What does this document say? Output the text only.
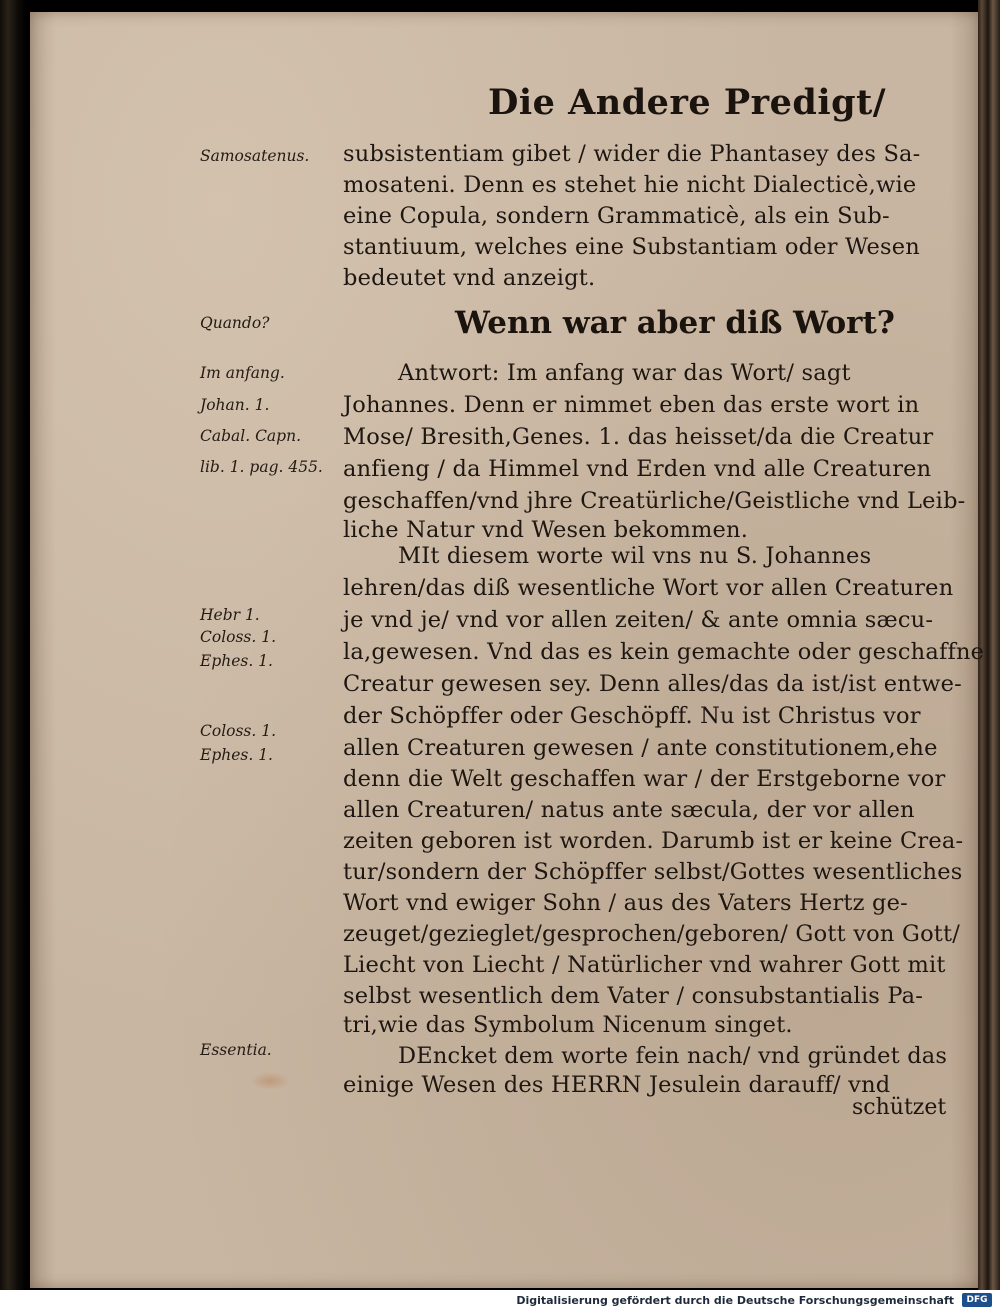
Die Andere Predigt/

subsistentiam gibet / wider die Phantasey des Sa-

mosateni. Denn es stehet hie nicht Dialecticè,wie

eine Copula, sondern Grammaticè, als ein Sub-

stantiuum, welches eine Substantiam oder Wesen

bedeutet vnd anzeigt.

Wenn war aber diß Wort?

Antwort: Im anfang war das Wort/ sagt

Johannes. Denn er nimmet eben das erste wort in

Mose/ Bresith,Genes. 1. das heisset/da die Creatur

anfieng / da Himmel vnd Erden vnd alle Creaturen

geschaffen/vnd jhre Creatürliche/Geistliche vnd Leib-

liche Natur vnd Wesen bekommen.

MIt diesem worte wil vns nu S. Johannes

lehren/das diß wesentliche Wort vor allen Creaturen

je vnd je/ vnd vor allen zeiten/ & ante omnia sæcu-

la,gewesen. Vnd das es kein gemachte oder geschaffne

Creatur gewesen sey. Denn alles/das da ist/ist entwe-

der Schöpffer oder Geschöpff. Nu ist Christus vor

allen Creaturen gewesen / ante constitutionem,ehe

denn die Welt geschaffen war / der Erstgeborne vor

allen Creaturen/ natus ante sæcula, der vor allen

zeiten geboren ist worden. Darumb ist er keine Crea-

tur/sondern der Schöpffer selbst/Gottes wesentliches

Wort vnd ewiger Sohn / aus des Vaters Hertz ge-

zeuget/gezieglet/gesprochen/geboren/ Gott von Gott/

Liecht von Liecht / Natürlicher vnd wahrer Gott mit

selbst wesentlich dem Vater / consubstantialis Pa-

tri,wie das Symbolum Nicenum singet.

DEncket dem worte fein nach/ vnd gründet das

einige Wesen des HERRN Jesulein darauff/ vnd

schützet

Samosatenus.

Quando?

Im anfang.

Johan. 1.

Cabal. Capn.

lib. 1. pag. 455.

Hebr 1.

Coloss. 1.

Ephes. 1.

Coloss. 1.

Ephes. 1.

Essentia.

Digitalisierung gefördert durch die Deutsche Forschungsgemeinschaft	DFG
